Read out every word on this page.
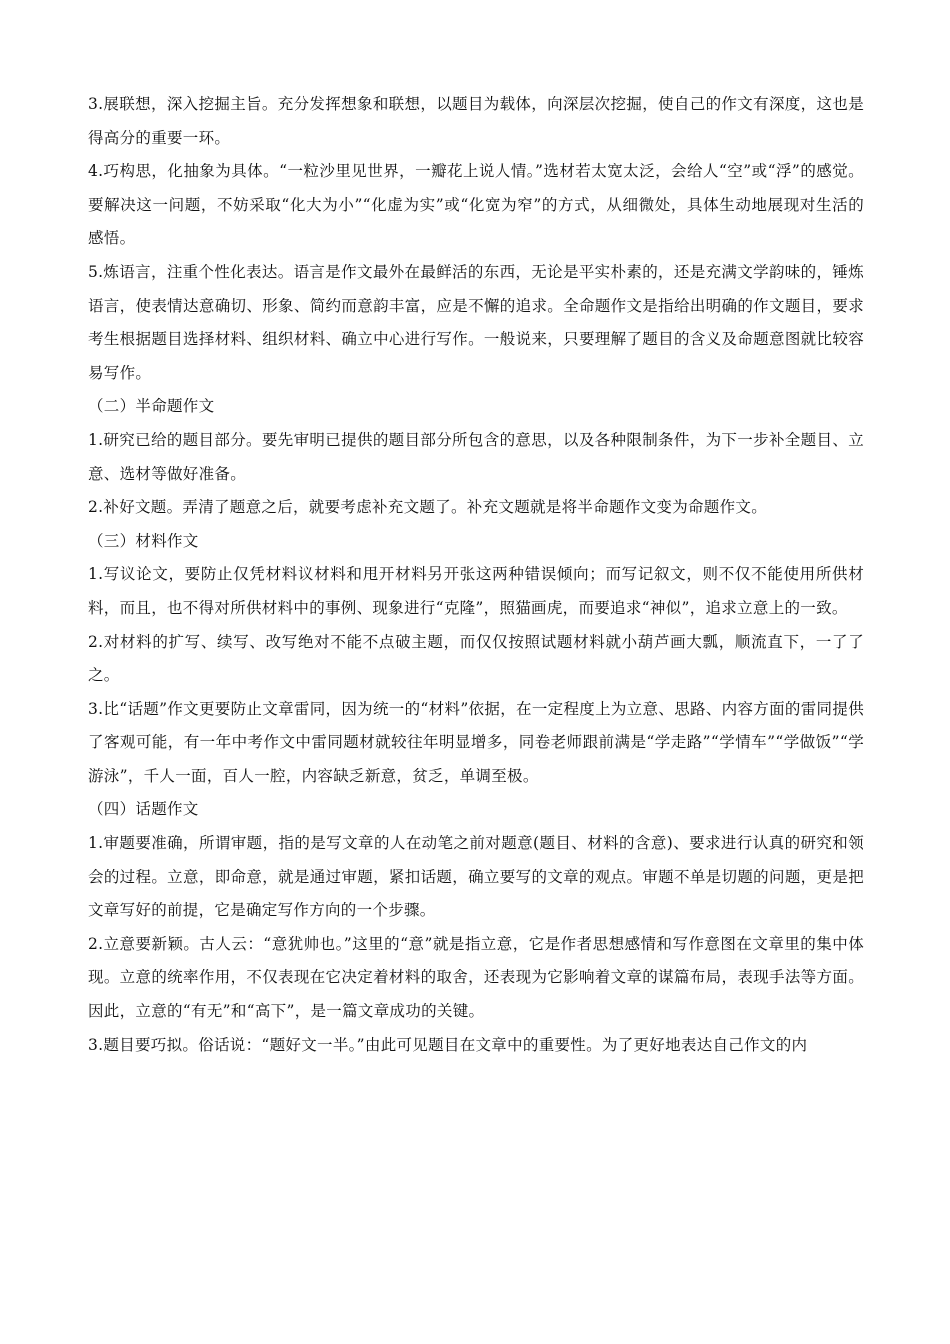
3.展联想，深入挖掘主旨。充分发挥想象和联想，以题目为载体，向深层次挖掘，使自己的作文有深度，这也是得高分的重要一环。

4.巧构思，化抽象为具体。“一粒沙里见世界，一瓣花上说人情。”选材若太宽太泛，会给人“空”或“浮”的感觉。要解决这一问题，不妨采取“化大为小”“化虚为实”或“化宽为窄”的方式，从细微处，具体生动地展现对生活的感悟。

5.炼语言，注重个性化表达。语言是作文最外在最鲜活的东西，无论是平实朴素的，还是充满文学韵味的，锤炼语言，使表情达意确切、形象、简约而意韵丰富，应是不懈的追求。全命题作文是指给出明确的作文题目，要求考生根据题目选择材料、组织材料、确立中心进行写作。一般说来，只要理解了题目的含义及命题意图就比较容易写作。

（二）半命题作文

1.研究已给的题目部分。要先审明已提供的题目部分所包含的意思，以及各种限制条件，为下一步补全题目、立意、选材等做好准备。

2.补好文题。弄清了题意之后，就要考虑补充文题了。补充文题就是将半命题作文变为命题作文。

（三）材料作文

1.写议论文，要防止仅凭材料议材料和甩开材料另开张这两种错误倾向；而写记叙文，则不仅不能使用所供材料，而且，也不得对所供材料中的事例、现象进行“克隆”，照猫画虎，而要追求“神似”，追求立意上的一致。

2.对材料的扩写、续写、改写绝对不能不点破主题，而仅仅按照试题材料就小葫芦画大瓢，顺流直下，一了了之。

3.比“话题”作文更要防止文章雷同，因为统一的“材料”依据，在一定程度上为立意、思路、内容方面的雷同提供了客观可能，有一年中考作文中雷同题材就较往年明显增多，同卷老师跟前满是“学走路”“学情车”“学做饭”“学游泳”，千人一面，百人一腔，内容缺乏新意，贫乏，单调至极。

（四）话题作文

1.审题要准确，所谓审题，指的是写文章的人在动笔之前对题意(题目、材料的含意)、要求进行认真的研究和领会的过程。立意，即命意，就是通过审题，紧扣话题，确立要写的文章的观点。审题不单是切题的问题，更是把文章写好的前提，它是确定写作方向的一个步骤。

2.立意要新颖。古人云：“意犹帅也。”这里的“意”就是指立意，它是作者思想感情和写作意图在文章里的集中体现。立意的统率作用，不仅表现在它决定着材料的取舍，还表现为它影响着文章的谋篇布局，表现手法等方面。因此，立意的“有无”和“高下”，是一篇文章成功的关键。

3.题目要巧拟。俗话说：“题好文一半。”由此可见题目在文章中的重要性。为了更好地表达自己作文的内
